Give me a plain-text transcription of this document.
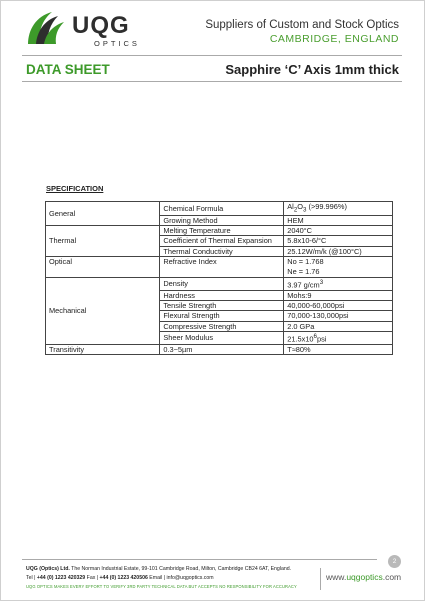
UQG
OPTICS
Suppliers of Custom and Stock Optics
CAMBRIDGE, ENGLAND
DATA SHEET	Sapphire ‘C’ Axis 1mm thick
SPECIFICATION
General	Chemical Formula	$Al_2O_3$ (>99.996%)
	Growing Method	HEM
Thermal	Melting Temperature	2040°C
	Coefficient of Thermal Expansion	5.8x10-6/°C
	Thermal Conductivity	25.12W/m/k (@100°C)
Optical	Refractive Index	No = 1.768
Ne = 1.76

Mechanical	Density	3.97 $g/cm^3$
	Hardness	Mohs:9
	Tensile Strength	40,000-60,000psi
	Flexural Strength	70,000-130,000psi
	Compressive Strength	2.0 GPa
	Sheer Modulus	$21.5x10^6psi$
Transitivity	0.3~5µm	T≈80%
2
UQG (Optics) Ltd. The Norman Industrial Estate, 99-101 Cambridge Road, Milton, Cambridge CB24 6AT, England.
Tel | +44 (0) 1223 420329 Fax | +44 (0) 1223 420506 Email | info@uqgoptics.com
UQG OPTICS MAKES EVERY EFFORT TO VERIFY 3RD PARTY TECHNICAL DATA BUT ACCEPTS NO RESPONSIBILITY FOR ACCURACY
www.uqgoptics.com
